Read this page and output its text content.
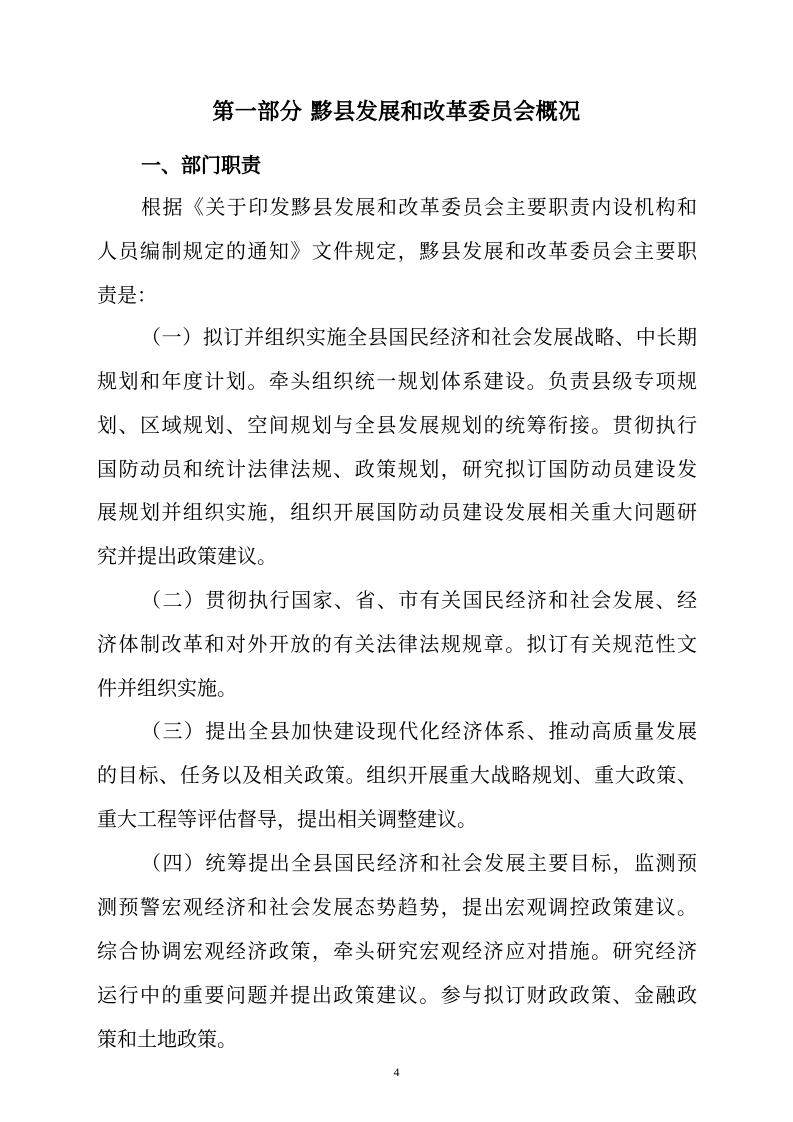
第一部分 黟县发展和改革委员会概况
一、部门职责
根据《关于印发黟县发展和改革委员会主要职责内设机构和
人员编制规定的通知》文件规定，黟县发展和改革委员会主要职
责是：
（一）拟订并组织实施全县国民经济和社会发展战略、中长期
规划和年度计划。牵头组织统一规划体系建设。负责县级专项规
划、区域规划、空间规划与全县发展规划的统筹衔接。贯彻执行
国防动员和统计法律法规、政策规划，研究拟订国防动员建设发
展规划并组织实施，组织开展国防动员建设发展相关重大问题研
究并提出政策建议。
（二）贯彻执行国家、省、市有关国民经济和社会发展、经
济体制改革和对外开放的有关法律法规规章。拟订有关规范性文
件并组织实施。
（三）提出全县加快建设现代化经济体系、推动高质量发展
的目标、任务以及相关政策。组织开展重大战略规划、重大政策、
重大工程等评估督导，提出相关调整建议。
（四）统筹提出全县国民经济和社会发展主要目标，监测预
测预警宏观经济和社会发展态势趋势，提出宏观调控政策建议。
综合协调宏观经济政策，牵头研究宏观经济应对措施。研究经济
运行中的重要问题并提出政策建议。参与拟订财政政策、金融政
策和土地政策。
4
